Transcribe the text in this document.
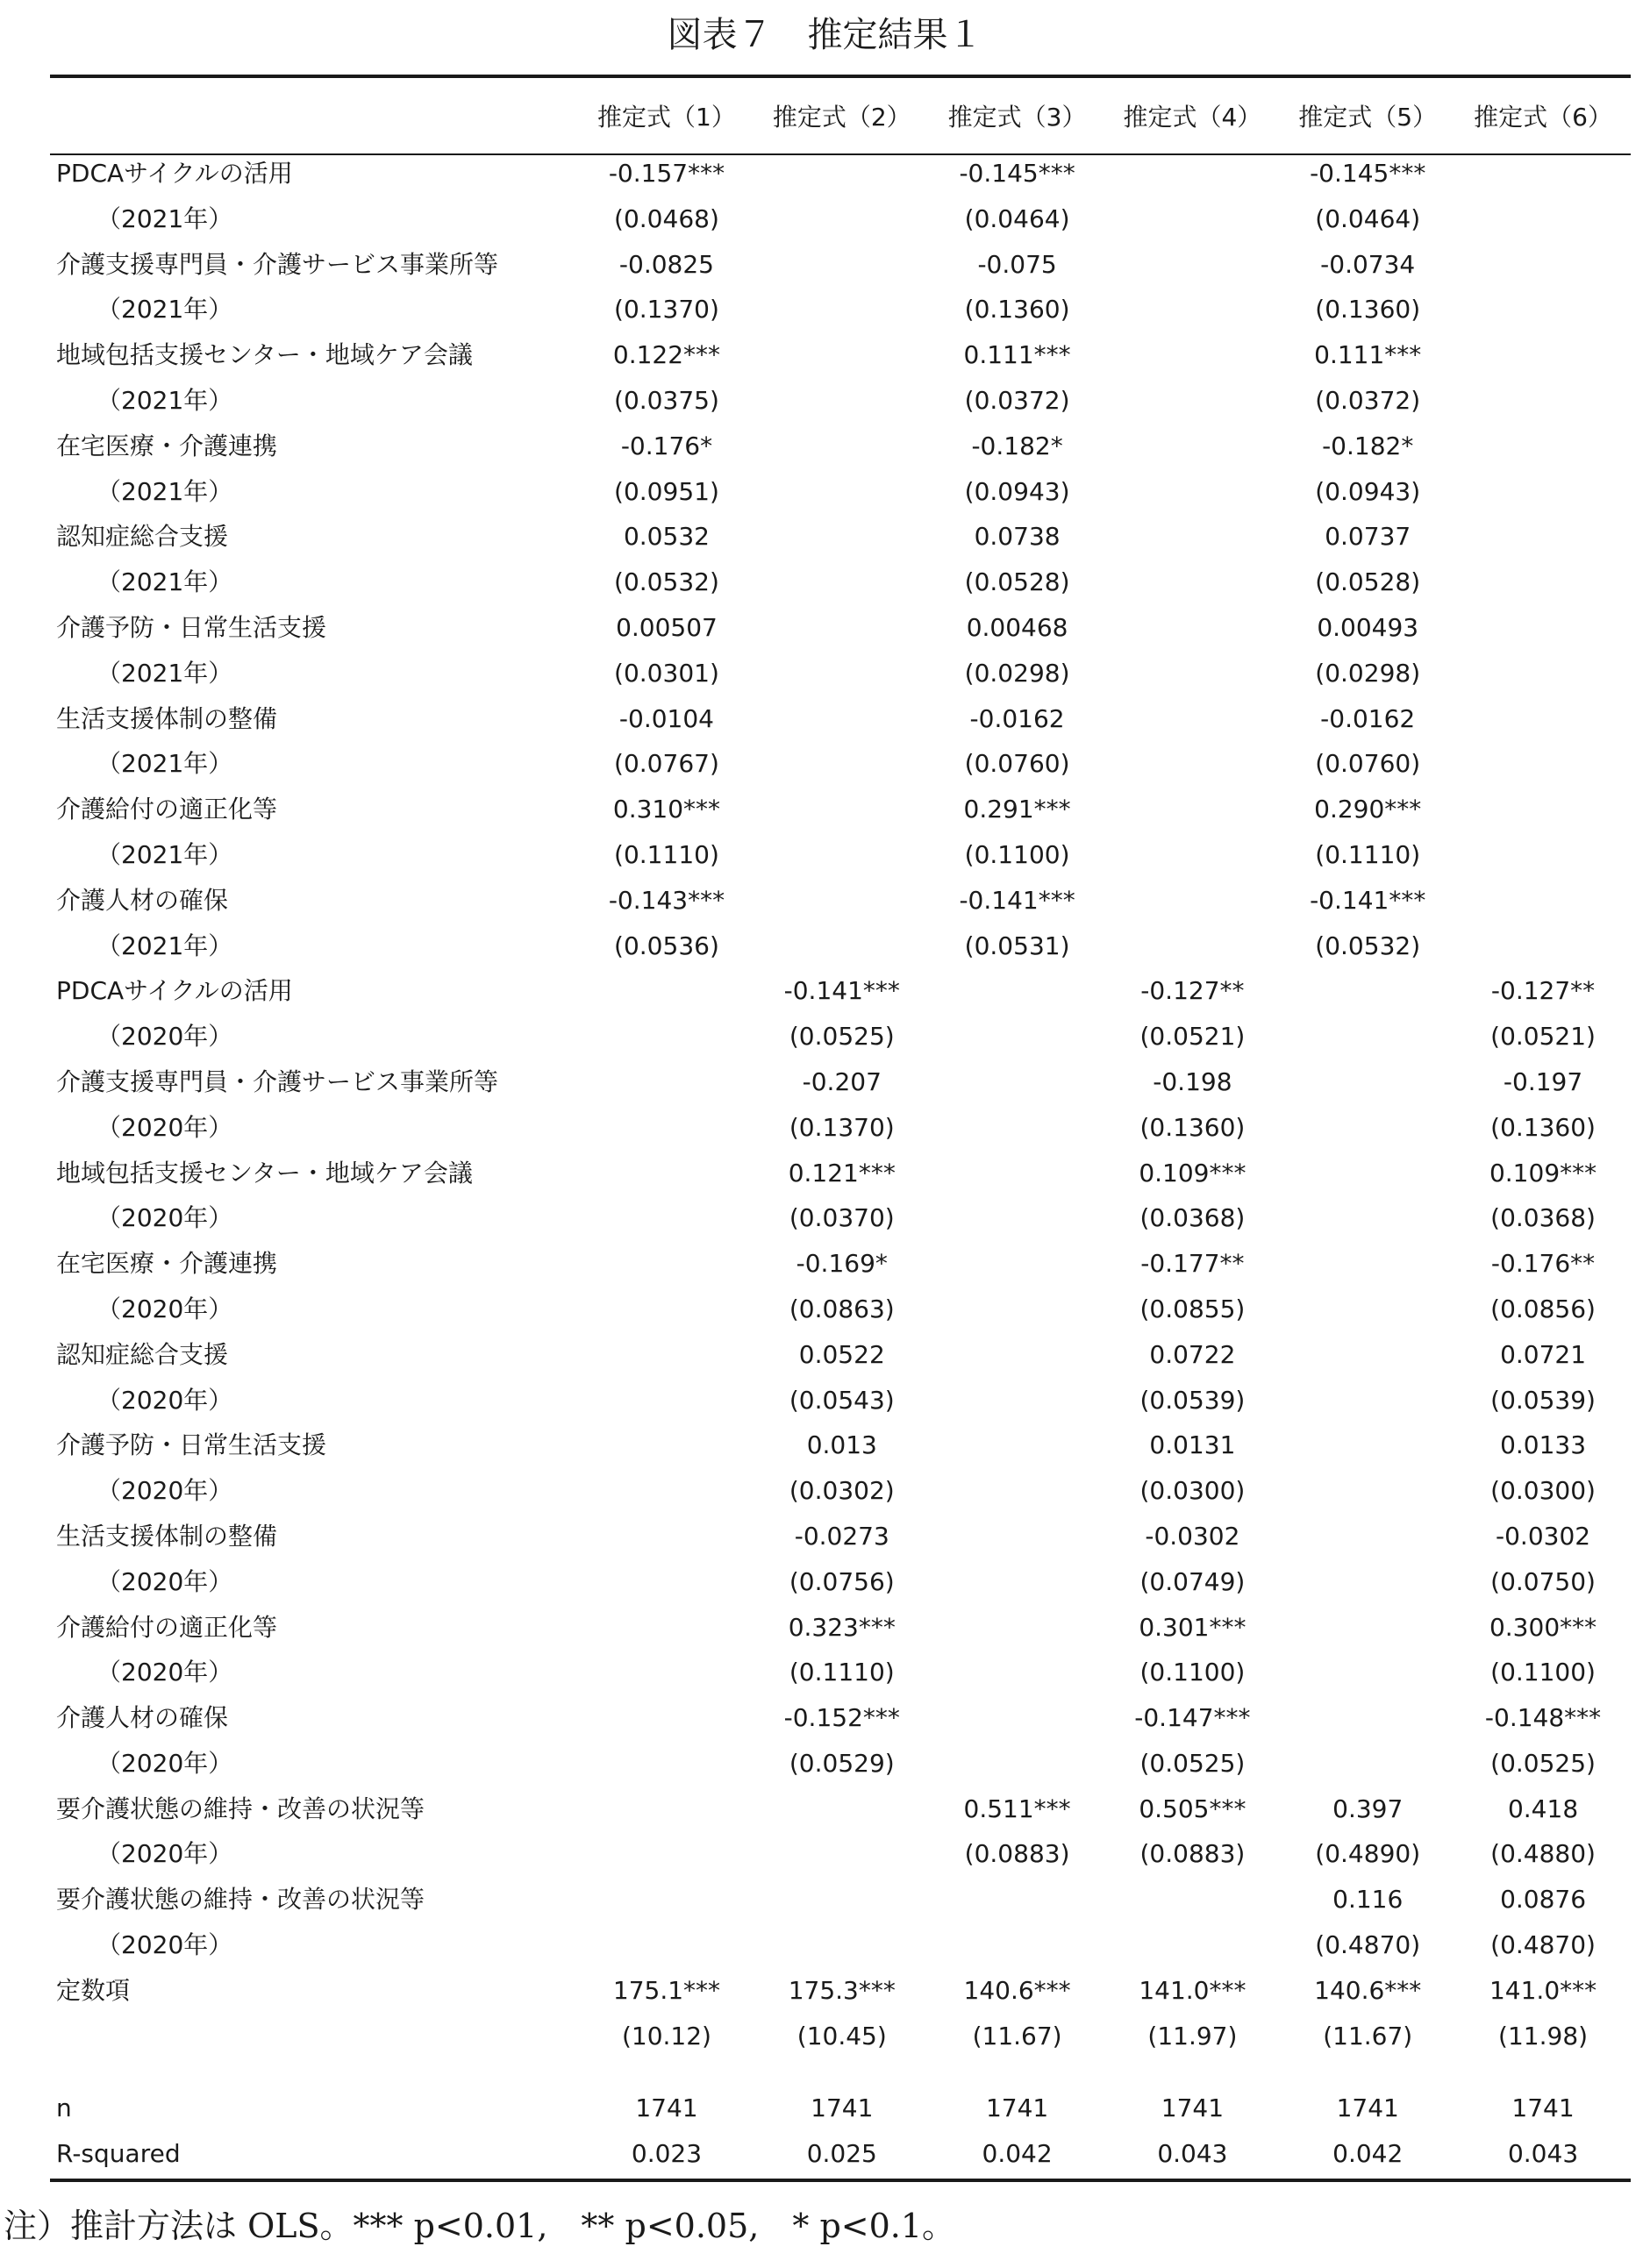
図表７　推定結果１
	推定式（1）	推定式（2）	推定式（3）	推定式（4）	推定式（5）	推定式（6）
PDCAサイクルの活用	-0.157***		-0.145***		-0.145***	
（2021年）	(0.0468)		(0.0464)		(0.0464)	
介護支援専門員・介護サービス事業所等	-0.0825		-0.075		-0.0734	
（2021年）	(0.1370)		(0.1360)		(0.1360)	
地域包括支援センター・地域ケア会議	0.122***		0.111***		0.111***	
（2021年）	(0.0375)		(0.0372)		(0.0372)	
在宅医療・介護連携	-0.176*		-0.182*		-0.182*	
（2021年）	(0.0951)		(0.0943)		(0.0943)	
認知症総合支援	0.0532		0.0738		0.0737	
（2021年）	(0.0532)		(0.0528)		(0.0528)	
介護予防・日常生活支援	0.00507		0.00468		0.00493	
（2021年）	(0.0301)		(0.0298)		(0.0298)	
生活支援体制の整備	-0.0104		-0.0162		-0.0162	
（2021年）	(0.0767)		(0.0760)		(0.0760)	
介護給付の適正化等	0.310***		0.291***		0.290***	
（2021年）	(0.1110)		(0.1100)		(0.1110)	
介護人材の確保	-0.143***		-0.141***		-0.141***	
（2021年）	(0.0536)		(0.0531)		(0.0532)	
PDCAサイクルの活用		-0.141***		-0.127**		-0.127**
（2020年）		(0.0525)		(0.0521)		(0.0521)
介護支援専門員・介護サービス事業所等		-0.207		-0.198		-0.197
（2020年）		(0.1370)		(0.1360)		(0.1360)
地域包括支援センター・地域ケア会議		0.121***		0.109***		0.109***
（2020年）		(0.0370)		(0.0368)		(0.0368)
在宅医療・介護連携		-0.169*		-0.177**		-0.176**
（2020年）		(0.0863)		(0.0855)		(0.0856)
認知症総合支援		0.0522		0.0722		0.0721
（2020年）		(0.0543)		(0.0539)		(0.0539)
介護予防・日常生活支援		0.013		0.0131		0.0133
（2020年）		(0.0302)		(0.0300)		(0.0300)
生活支援体制の整備		-0.0273		-0.0302		-0.0302
（2020年）		(0.0756)		(0.0749)		(0.0750)
介護給付の適正化等		0.323***		0.301***		0.300***
（2020年）		(0.1110)		(0.1100)		(0.1100)
介護人材の確保		-0.152***		-0.147***		-0.148***
（2020年）		(0.0529)		(0.0525)		(0.0525)
要介護状態の維持・改善の状況等			0.511***	0.505***	0.397	0.418
（2020年）			(0.0883)	(0.0883)	(0.4890)	(0.4880)
要介護状態の維持・改善の状況等					0.116	0.0876
（2020年）					(0.4870)	(0.4870)
定数項	175.1***	175.3***	140.6***	141.0***	140.6***	141.0***
	(10.12)	(10.45)	(11.67)	(11.97)	(11.67)	(11.98)

n	1741	1741	1741	1741	1741	1741
R-squared	0.023	0.025	0.042	0.043	0.042	0.043
注）推計方法は OLS。*** p<0.01,　** p<0.05,　* p<0.1。
